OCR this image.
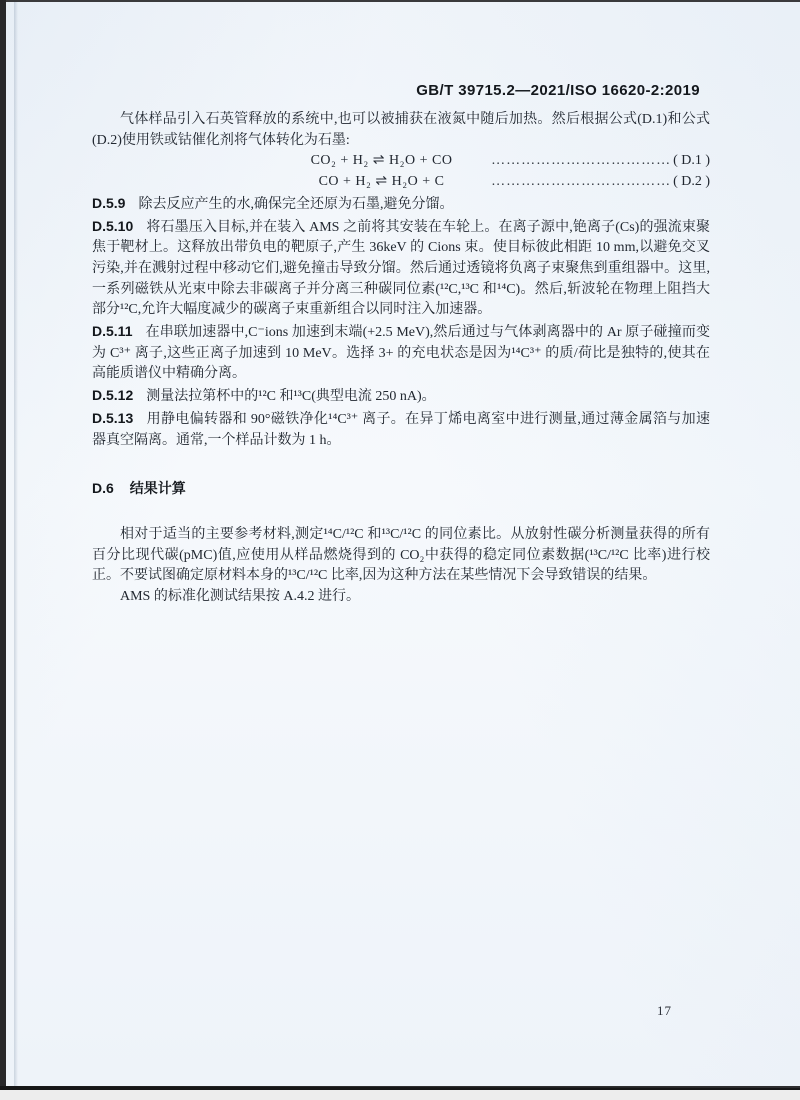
GB/T 39715.2—2021/ISO 16620-2:2019

气体样品引入石英管释放的系统中,也可以被捕获在液氮中随后加热。然后根据公式(D.1)和公式(D.2)使用铁或钴催化剂将气体转化为石墨:

CO₂ + H₂ ⇌ H₂O + CO	……………………………… ( D.1 )
CO + H₂ ⇌ H₂O + C	……………………………… ( D.2 )

D.5.9 除去反应产生的水,确保完全还原为石墨,避免分馏。

D.5.10 将石墨压入目标,并在装入 AMS 之前将其安装在车轮上。在离子源中,铯离子(Cs)的强流束聚焦于靶材上。这释放出带负电的靶原子,产生 36keV 的 Cions 束。使目标彼此相距 10 mm,以避免交叉污染,并在溅射过程中移动它们,避免撞击导致分馏。然后通过透镜将负离子束聚焦到重组器中。这里,一系列磁铁从光束中除去非碳离子并分离三种碳同位素(¹²C,¹³C 和¹⁴C)。然后,斩波轮在物理上阻挡大部分¹²C,允许大幅度减少的碳离子束重新组合以同时注入加速器。

D.5.11 在串联加速器中,C⁻ions 加速到末端(+2.5 MeV),然后通过与气体剥离器中的 Ar 原子碰撞而变为 C³⁺ 离子,这些正离子加速到 10 MeV。选择 3+ 的充电状态是因为¹⁴C³⁺ 的质/荷比是独特的,使其在高能质谱仪中精确分离。

D.5.12 测量法拉第杯中的¹²C 和¹³C(典型电流 250 nA)。

D.5.13 用静电偏转器和 90°磁铁净化¹⁴C³⁺ 离子。在异丁烯电离室中进行测量,通过薄金属箔与加速器真空隔离。通常,一个样品计数为 1 h。

D.6 结果计算

相对于适当的主要参考材料,测定¹⁴C/¹²C 和¹³C/¹²C 的同位素比。从放射性碳分析测量获得的所有百分比现代碳(pMC)值,应使用从样品燃烧得到的 CO₂中获得的稳定同位素数据(¹³C/¹²C 比率)进行校正。不要试图确定原材料本身的¹³C/¹²C 比率,因为这种方法在某些情况下会导致错误的结果。

AMS 的标准化测试结果按 A.4.2 进行。

17
